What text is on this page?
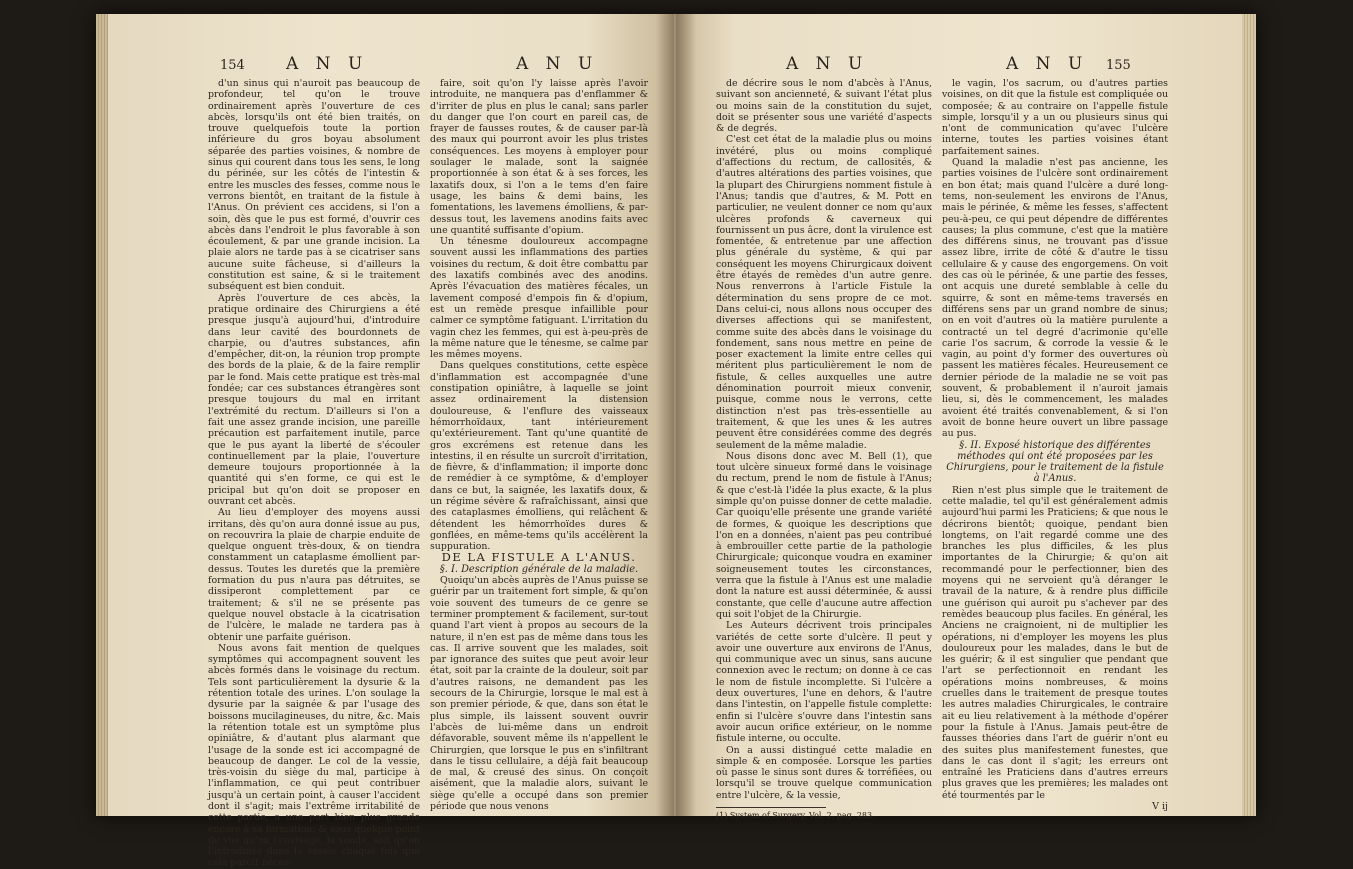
154 A N U	A N U

d'un sinus qui n'auroit pas beaucoup de profondeur, tel qu'on le trouve ordinairement après l'ouverture de ces abcès, lorsqu'ils ont été bien traités, on trouve quelquefois toute la portion inférieure du gros boyau absolument séparée des parties voisines, & nombre de sinus qui courent dans tous les sens, le long du périnée, sur les côtés de l'intestin & entre les muscles des fesses, comme nous le verrons bientôt, en traitant de la fistule à l'Anus. On prévient ces accidens, si l'on a soin, dès que le pus est formé, d'ouvrir ces abcès dans l'endroit le plus favorable à son écoulement, & par une grande incision. La plaie alors ne tarde pas à se cicatriser sans aucune suite fâcheuse, si d'ailleurs la constitution est saine, & si le traitement subséquent est bien conduit.

Après l'ouverture de ces abcès, la pratique ordinaire des Chirurgiens a été presque jusqu'à aujourd'hui, d'introduire dans leur cavité des bourdonnets de charpie, ou d'autres substances, afin d'empêcher, dit-on, la réunion trop prompte des bords de la plaie, & de la faire remplir par le fond. Mais cette pratique est très-mal fondée; car ces substances étrangères sont presque toujours du mal en irritant l'extrémité du rectum. D'ailleurs si l'on a fait une assez grande incision, une pareille précaution est parfaitement inutile, parce que le pus ayant la liberté de s'écouler continuellement par la plaie, l'ouverture demeure toujours proportionnée à la quantité qui s'en forme, ce qui est le pricipal but qu'on doit se proposer en ouvrant cet abcès.

Au lieu d'employer des moyens aussi irritans, dès qu'on aura donné issue au pus, on recouvrira la plaie de charpie enduite de quelque onguent très-doux, & on tiendra constamment un cataplasme émollient par-dessus. Toutes les duretés que la première formation du pus n'aura pas détruites, se dissiperont complettement par ce traitement; & s'il ne se présente pas quelque nouvel obstacle à la cicatrisation de l'ulcère, le malade ne tardera pas à obtenir une parfaite guérison.

Nous avons fait mention de quelques symptômes qui accompagnent souvent les abcès formés dans le voisinage du rectum. Tels sont particulièrement la dysurie & la rétention totale des urines. L'on soulage la dysurie par la saignée & par l'usage des boissons mucilagineuses, du nitre, &c. Mais la rétention totale est un symptôme plus opiniâtre, & d'autant plus alarmant que l'usage de la sonde est ici accompagné de beaucoup de danger. Le col de la vessie, très-voisin du siège du mal, participe à l'inflammation, ce qui peut contribuer jusqu'à un certain point, à causer l'accident dont il s'agit; mais l'extrême irritabilité de cette partie, a une part bien plus grande encore à sa formation; & sous quelque point de vue qu'on l'envisage, la sonde, soit qu'on l'introduise dans la vessie chaque fois que cela paroît néces-

faire, soit qu'on l'y laisse après l'avoir introduite, ne manquera pas d'enflammer & d'irriter de plus en plus le canal; sans parler du danger que l'on court en pareil cas, de frayer de fausses routes, & de causer par-là des maux qui pourront avoir les plus tristes conséquences. Les moyens à employer pour soulager le malade, sont la saignée proportionnée à son état & à ses forces, les laxatifs doux, si l'on a le tems d'en faire usage, les bains & demi bains, les fomentations, les lavemens émolliens, & par-dessus tout, les lavemens anodins faits avec une quantité suffisante d'opium.

Un ténesme douloureux accompagne souvent aussi les inflammations des parties voisines du rectum, & doit être combattu par des laxatifs combinés avec des anodins. Après l'évacuation des matières fécales, un lavement composé d'empois fin & d'opium, est un remède presque infaillible pour calmer ce symptôme fatiguant. L'irritation du vagin chez les femmes, qui est à-peu-près de la même nature que le ténesme, se calme par les mêmes moyens.

Dans quelques constitutions, cette espèce d'inflammation est accompagnée d'une constipation opiniâtre, à laquelle se joint assez ordinairement la distension douloureuse, & l'enflure des vaisseaux hémorrhoïdaux, tant intérieurement qu'extérieurement. Tant qu'une quantité de gros excrémens est retenue dans les intestins, il en résulte un surcroît d'irritation, de fièvre, & d'inflammation; il importe donc de remédier à ce symptôme, & d'employer dans ce but, la saignée, les laxatifs doux, & un régime sévère & rafraîchissant, ainsi que des cataplasmes émolliens, qui relâchent & détendent les hémorrhoïdes dures & gonflées, en même-tems qu'ils accélèrent la suppuration.

DE LA FISTULE A L'ANUS.

§. I. Description générale de la maladie.

Quoiqu'un abcès auprès de l'Anus puisse se guérir par un traitement fort simple, & qu'on voie souvent des tumeurs de ce genre se terminer promptement & facilement, sur-tout quand l'art vient à propos au secours de la nature, il n'en est pas de même dans tous les cas. Il arrive souvent que les malades, soit par ignorance des suites que peut avoir leur état, soit par la crainte de la douleur, soit par d'autres raisons, ne demandent pas les secours de la Chirurgie, lorsque le mal est à son premier période, & que, dans son état le plus simple, ils laissent souvent ouvrir l'abcès de lui-même dans un endroit défavorable, souvent même ils n'appellent le Chirurgien, que lorsque le pus en s'infiltrant dans le tissu cellulaire, a déjà fait beaucoup de mal, & creusé des sinus. On conçoit aisément, que la maladie alors, suivant le siège qu'elle a occupé dans son premier période que nous venons

A N U	A N U 155

de décrire sous le nom d'abcès à l'Anus, suivant son ancienneté, & suivant l'état plus ou moins sain de la constitution du sujet, doit se présenter sous une variété d'aspects & de degrés.

C'est cet état de la maladie plus ou moins invétéré, plus ou moins compliqué d'affections du rectum, de callosités, & d'autres altérations des parties voisines, que la plupart des Chirurgiens nomment fistule à l'Anus; tandis que d'autres, & M. Pott en particulier, ne veulent donner ce nom qu'aux ulcères profonds & caverneux qui fournissent un pus âcre, dont la virulence est fomentée, & entretenue par une affection plus générale du système, & qui par conséquent les moyens Chirurgicaux doivent être étayés de remèdes d'un autre genre. Nous renverrons à l'article Fistule la détermination du sens propre de ce mot. Dans celui-ci, nous allons nous occuper des diverses affections qui se manifestent, comme suite des abcès dans le voisinage du fondement, sans nous mettre en peine de poser exactement la limite entre celles qui méritent plus particulièrement le nom de fistule, & celles auxquelles une autre dénomination pourroit mieux convenir, puisque, comme nous le verrons, cette distinction n'est pas très-essentielle au traitement, & que les unes & les autres peuvent être considérées comme des degrés seulement de la même maladie.

Nous disons donc avec M. Bell (1), que tout ulcère sinueux formé dans le voisinage du rectum, prend le nom de fistule à l'Anus; & que c'est-là l'idée la plus exacte, & la plus simple qu'on puisse donner de cette maladie. Car quoiqu'elle présente une grande variété de formes, & quoique les descriptions que l'on en a données, n'aient pas peu contribué à embrouiller cette partie de la pathologie Chirurgicale; quiconque voudra en examiner soigneusement toutes les circonstances, verra que la fistule à l'Anus est une maladie dont la nature est aussi déterminée, & aussi constante, que celle d'aucune autre affection qui soit l'objet de la Chirurgie.

Les Auteurs décrivent trois principales variétés de cette sorte d'ulcère. Il peut y avoir une ouverture aux environs de l'Anus, qui communique avec un sinus, sans aucune connexion avec le rectum; on donne à ce cas le nom de fistule incomplette. Si l'ulcère a deux ouvertures, l'une en dehors, & l'autre dans l'intestin, on l'appelle fistule complette: enfin si l'ulcère s'ouvre dans l'intestin sans avoir aucun orifice extérieur, on le nomme fistule interne, ou occulte.

On a aussi distingué cette maladie en simple & en composée. Lorsque les parties où passe le sinus sont dures & torréfiées, ou lorsqu'il se trouve quelque communication entre l'ulcère, & la vessie,

(1) System of Surgery, Vol. 2, pag. 283.

le vagin, l'os sacrum, ou d'autres parties voisines, on dit que la fistule est compliquée ou composée; & au contraire on l'appelle fistule simple, lorsqu'il y a un ou plusieurs sinus qui n'ont de communication qu'avec l'ulcère interne, toutes les parties voisines étant parfaitement saines.

Quand la maladie n'est pas ancienne, les parties voisines de l'ulcère sont ordinairement en bon état; mais quand l'ulcère a duré long-tems, non-seulement les environs de l'Anus, mais le périnée, & même les fesses, s'affectent peu-à-peu, ce qui peut dépendre de différentes causes; la plus commune, c'est que la matière des différens sinus, ne trouvant pas d'issue assez libre, irrite de côté & d'autre le tissu cellulaire & y cause des engorgemens. On voit des cas où le périnée, & une partie des fesses, ont acquis une dureté semblable à celle du squirre, & sont en même-tems traversés en différens sens par un grand nombre de sinus; on en voit d'autres où la matière purulente a contracté un tel degré d'acrimonie qu'elle carie l'os sacrum, & corrode la vessie & le vagin, au point d'y former des ouvertures où passent les matières fécales. Heureusement ce dernier période de la maladie ne se voit pas souvent, & probablement il n'auroit jamais lieu, si, dès le commencement, les malades avoient été traités convenablement, & si l'on avoit de bonne heure ouvert un libre passage au pus.

§. II. Exposé historique des différentes méthodes qui ont été proposées par les Chirurgiens, pour le traitement de la fistule à l'Anus.

Rien n'est plus simple que le traitement de cette maladie, tel qu'il est généralement admis aujourd'hui parmi les Praticiens; & que nous le décrirons bientôt; quoique, pendant bien longtems, on l'ait regardé comme une des branches les plus difficiles, & les plus importantes de la Chirurgie; & qu'on ait recommandé pour le perfectionner, bien des moyens qui ne servoient qu'à déranger le travail de la nature, & à rendre plus difficile une guérison qui auroit pu s'achever par des remèdes beaucoup plus faciles. En général, les Anciens ne craignoient, ni de multiplier les opérations, ni d'employer les moyens les plus douloureux pour les malades, dans le but de les guérir; & il est singulier que pendant que l'art se perfectionnoit en rendant les opérations moins nombreuses, & moins cruelles dans le traitement de presque toutes les autres maladies Chirurgicales, le contraire ait eu lieu relativement à la méthode d'opérer pour la fistule à l'Anus. Jamais peut-être de fausses théories dans l'art de guérir n'ont eu des suites plus manifestement funestes, que dans le cas dont il s'agit; les erreurs ont entraîné les Praticiens dans d'autres erreurs plus graves que les premières; les malades ont été tourmentés par le

V ij
